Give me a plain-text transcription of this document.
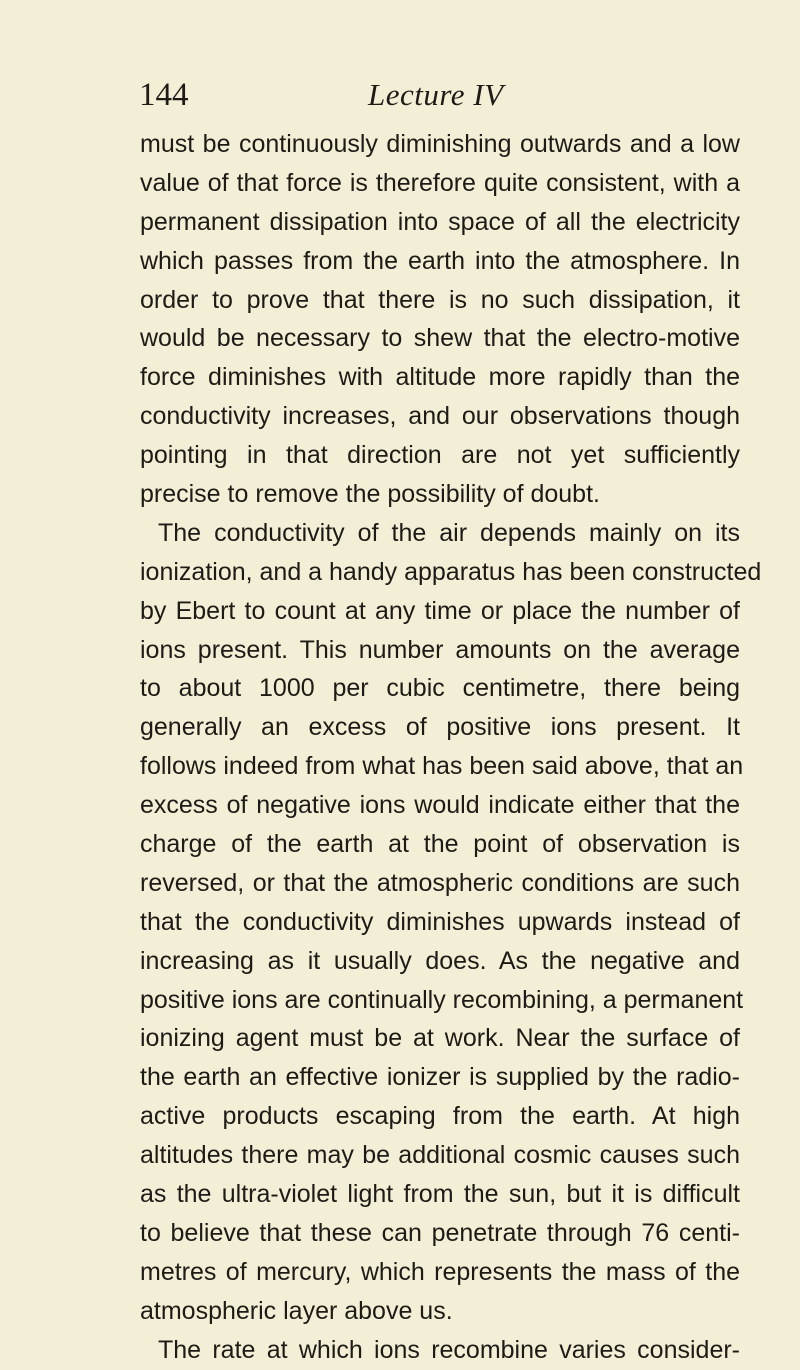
144	Lecture IV
must be continuously diminishing outwards and a low
value of that force is therefore quite consistent, with a
permanent dissipation into space of all the electricity
which passes from the earth into the atmosphere. In
order to prove that there is no such dissipation, it
would be necessary to shew that the electro-motive
force diminishes with altitude more rapidly than the
conductivity increases, and our observations though
pointing in that direction are not yet sufficiently
precise to remove the possibility of doubt.
The conductivity of the air depends mainly on its
ionization, and a handy apparatus has been constructed
by Ebert to count at any time or place the number of
ions present. This number amounts on the average
to about 1000 per cubic centimetre, there being
generally an excess of positive ions present. It
follows indeed from what has been said above, that an
excess of negative ions would indicate either that the
charge of the earth at the point of observation is
reversed, or that the atmospheric conditions are such
that the conductivity diminishes upwards instead of
increasing as it usually does. As the negative and
positive ions are continually recombining, a permanent
ionizing agent must be at work. Near the surface of
the earth an effective ionizer is supplied by the radio-
active products escaping from the earth. At high
altitudes there may be additional cosmic causes such
as the ultra-violet light from the sun, but it is difficult
to believe that these can penetrate through 76 centi-
metres of mercury, which represents the mass of the
atmospheric layer above us.
The rate at which ions recombine varies consider-
